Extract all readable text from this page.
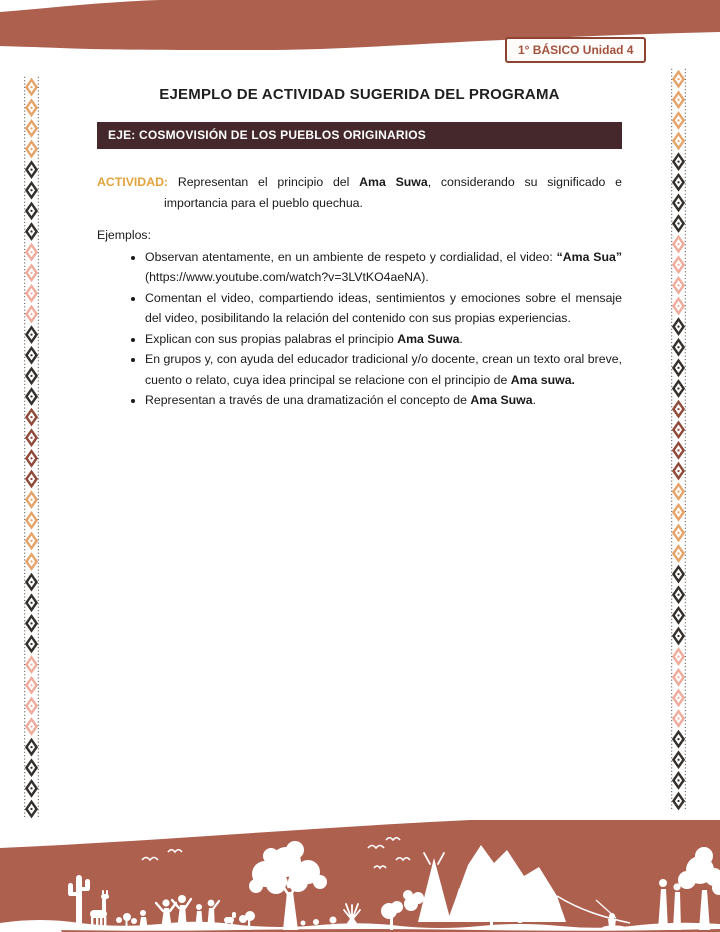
1° BÁSICO Unidad 4
EJEMPLO DE ACTIVIDAD SUGERIDA DEL PROGRAMA
EJE: COSMOVISIÓN DE LOS PUEBLOS ORIGINARIOS

ACTIVIDAD: Representan el principio del Ama Suwa, considerando su significado e importancia para el pueblo quechua.

Ejemplos:
• Observan atentamente, en un ambiente de respeto y cordialidad, el video: “Ama Sua” (https://www.youtube.com/watch?v=3LVtKO4aeNA).
• Comentan el video, compartiendo ideas, sentimientos y emociones sobre el mensaje del video, posibilitando la relación del contenido con sus propias experiencias.
• Explican con sus propias palabras el principio Ama Suwa.
• En grupos y, con ayuda del educador tradicional y/o docente, crean un texto oral breve, cuento o relato, cuya idea principal se relacione con el principio de Ama suwa.
• Representan a través de una dramatización el concepto de Ama Suwa.
